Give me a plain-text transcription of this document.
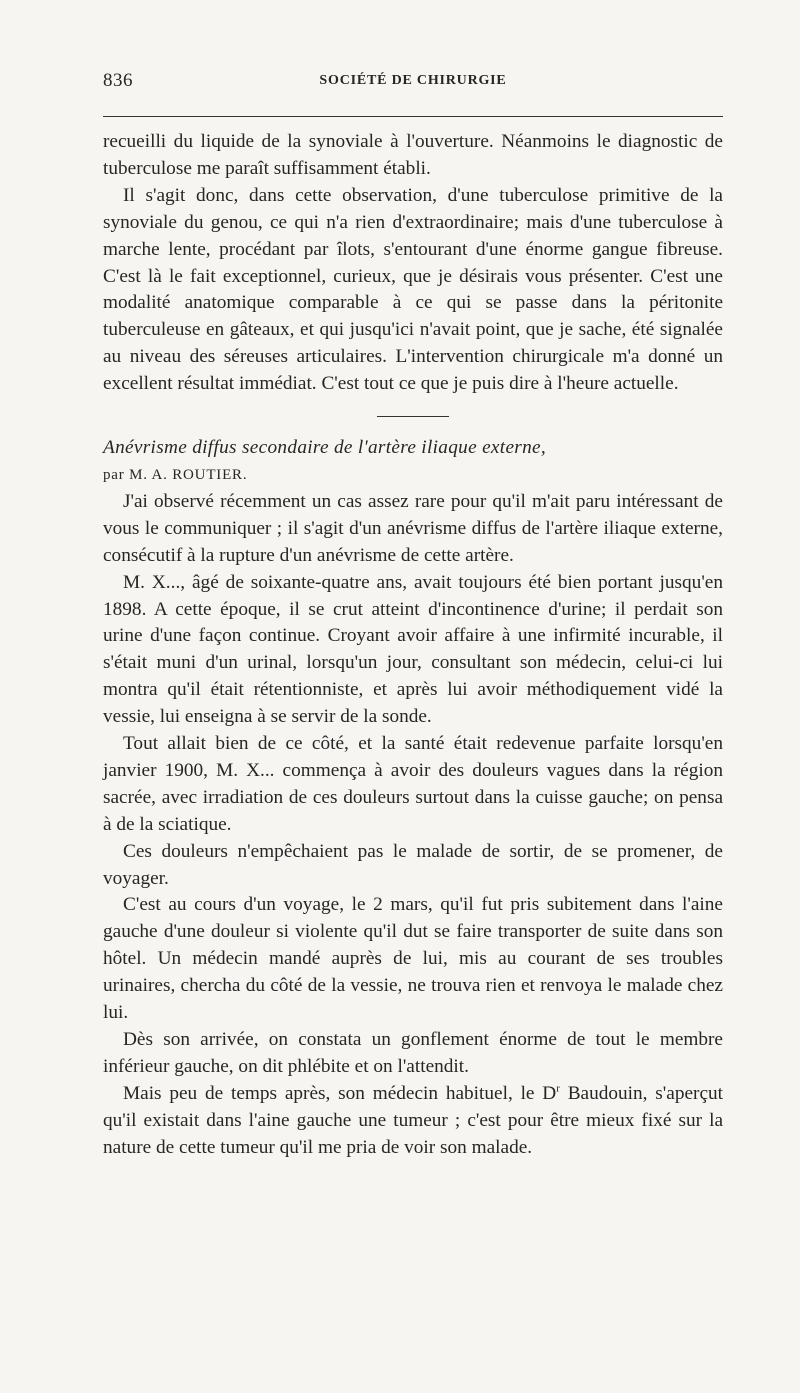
836	SOCIÉTÉ DE CHIRURGIE

recueilli du liquide de la synoviale à l'ouverture. Néanmoins le diagnostic de tuberculose me paraît suffisamment établi.

Il s'agit donc, dans cette observation, d'une tuberculose primitive de la synoviale du genou, ce qui n'a rien d'extraordinaire; mais d'une tuberculose à marche lente, procédant par îlots, s'entourant d'une énorme gangue fibreuse. C'est là le fait exceptionnel, curieux, que je désirais vous présenter. C'est une modalité anatomique comparable à ce qui se passe dans la péritonite tuberculeuse en gâteaux, et qui jusqu'ici n'avait point, que je sache, été signalée au niveau des séreuses articulaires. L'intervention chirurgicale m'a donné un excellent résultat immédiat. C'est tout ce que je puis dire à l'heure actuelle.

Anévrisme diffus secondaire de l'artère iliaque externe,

par M. A. ROUTIER.

J'ai observé récemment un cas assez rare pour qu'il m'ait paru intéressant de vous le communiquer ; il s'agit d'un anévrisme diffus de l'artère iliaque externe, consécutif à la rupture d'un anévrisme de cette artère.

M. X..., âgé de soixante-quatre ans, avait toujours été bien portant jusqu'en 1898. A cette époque, il se crut atteint d'incontinence d'urine; il perdait son urine d'une façon continue. Croyant avoir affaire à une infirmité incurable, il s'était muni d'un urinal, lorsqu'un jour, consultant son médecin, celui-ci lui montra qu'il était rétentionniste, et après lui avoir méthodiquement vidé la vessie, lui enseigna à se servir de la sonde.

Tout allait bien de ce côté, et la santé était redevenue parfaite lorsqu'en janvier 1900, M. X... commença à avoir des douleurs vagues dans la région sacrée, avec irradiation de ces douleurs surtout dans la cuisse gauche; on pensa à de la sciatique.

Ces douleurs n'empêchaient pas le malade de sortir, de se promener, de voyager.

C'est au cours d'un voyage, le 2 mars, qu'il fut pris subitement dans l'aine gauche d'une douleur si violente qu'il dut se faire transporter de suite dans son hôtel. Un médecin mandé auprès de lui, mis au courant de ses troubles urinaires, chercha du côté de la vessie, ne trouva rien et renvoya le malade chez lui.

Dès son arrivée, on constata un gonflement énorme de tout le membre inférieur gauche, on dit phlébite et on l'attendit.

Mais peu de temps après, son médecin habituel, le $D^r$ Baudouin, s'aperçut qu'il existait dans l'aine gauche une tumeur ; c'est pour être mieux fixé sur la nature de cette tumeur qu'il me pria de voir son malade.
